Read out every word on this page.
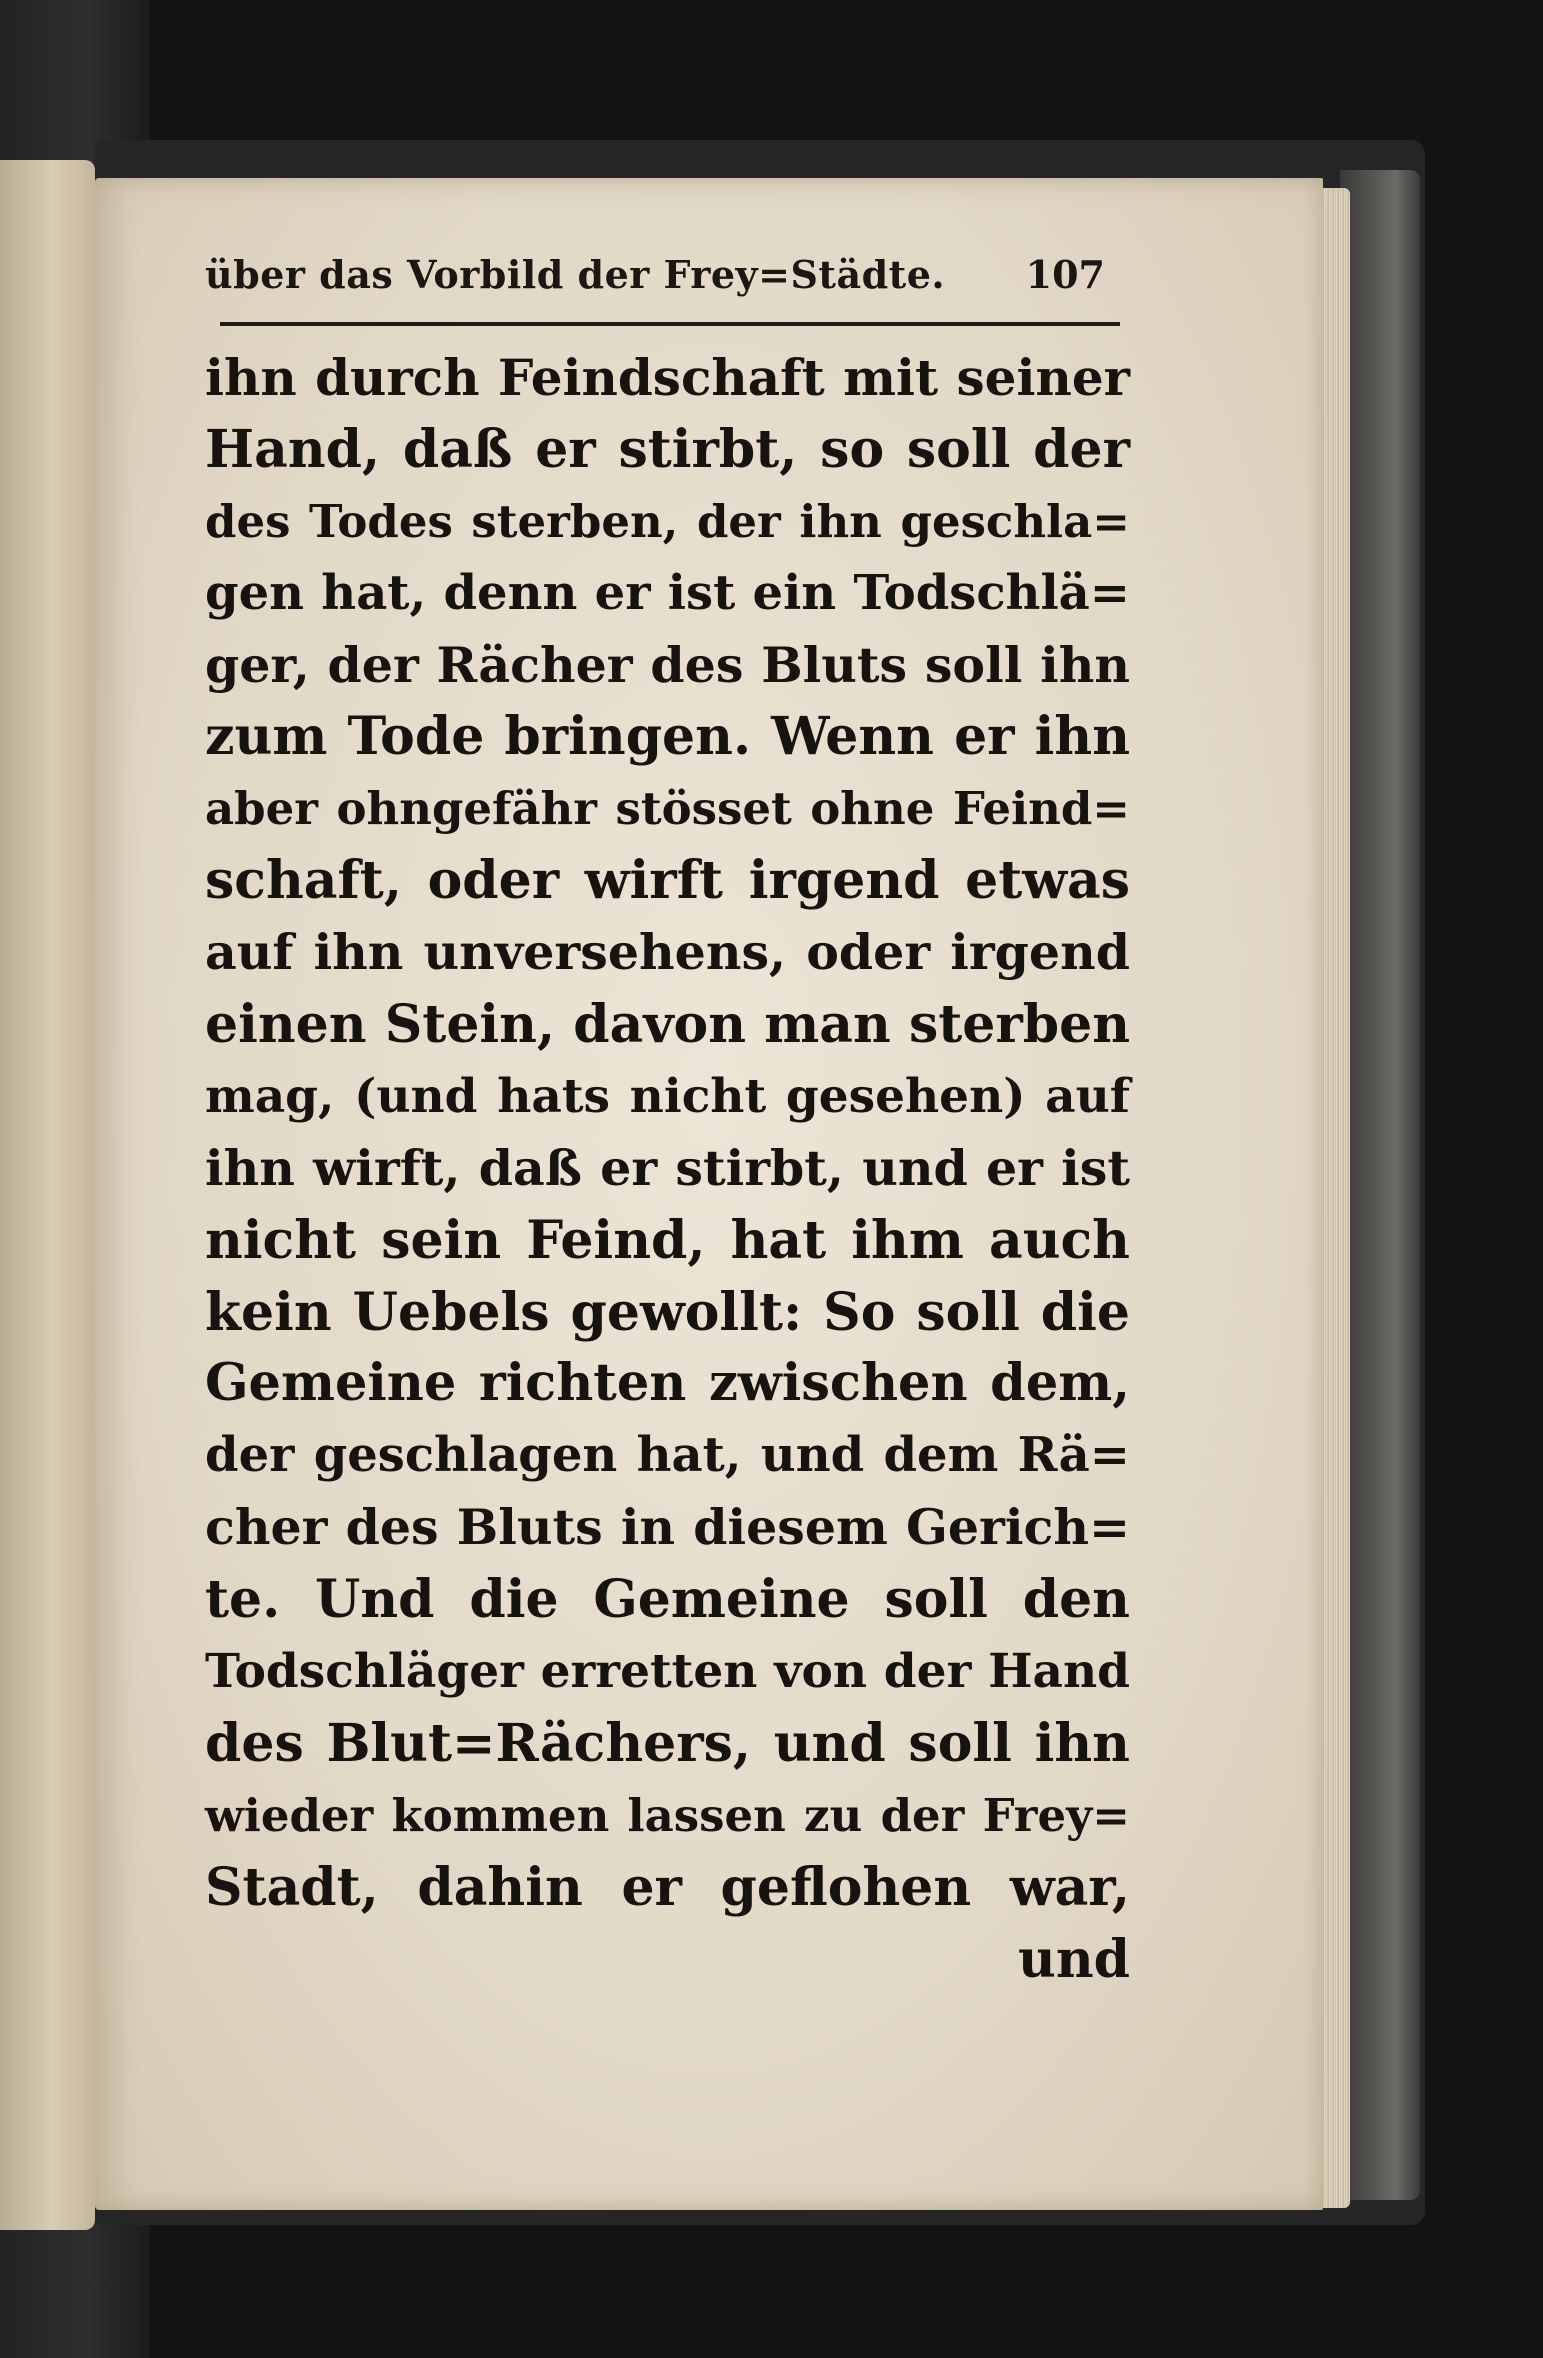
über das Vorbild der Frey=Städte. 107
ihn durch Feindschaft mit seiner
Hand, daß er stirbt, so soll der
des Todes sterben, der ihn geschla=
gen hat, denn er ist ein Todschlä=
ger, der Rächer des Bluts soll ihn
zum Tode bringen. Wenn er ihn
aber ohngefähr stösset ohne Feind=
schaft, oder wirft irgend etwas
auf ihn unversehens, oder irgend
einen Stein, davon man sterben
mag, (und hats nicht gesehen) auf
ihn wirft, daß er stirbt, und er ist
nicht sein Feind, hat ihm auch
kein Uebels gewollt: So soll die
Gemeine richten zwischen dem,
der geschlagen hat, und dem Rä=
cher des Bluts in diesem Gerich=
te. Und die Gemeine soll den
Todschläger erretten von der Hand
des Blut=Rächers, und soll ihn
wieder kommen lassen zu der Frey=
Stadt, dahin er geflohen war,
und
